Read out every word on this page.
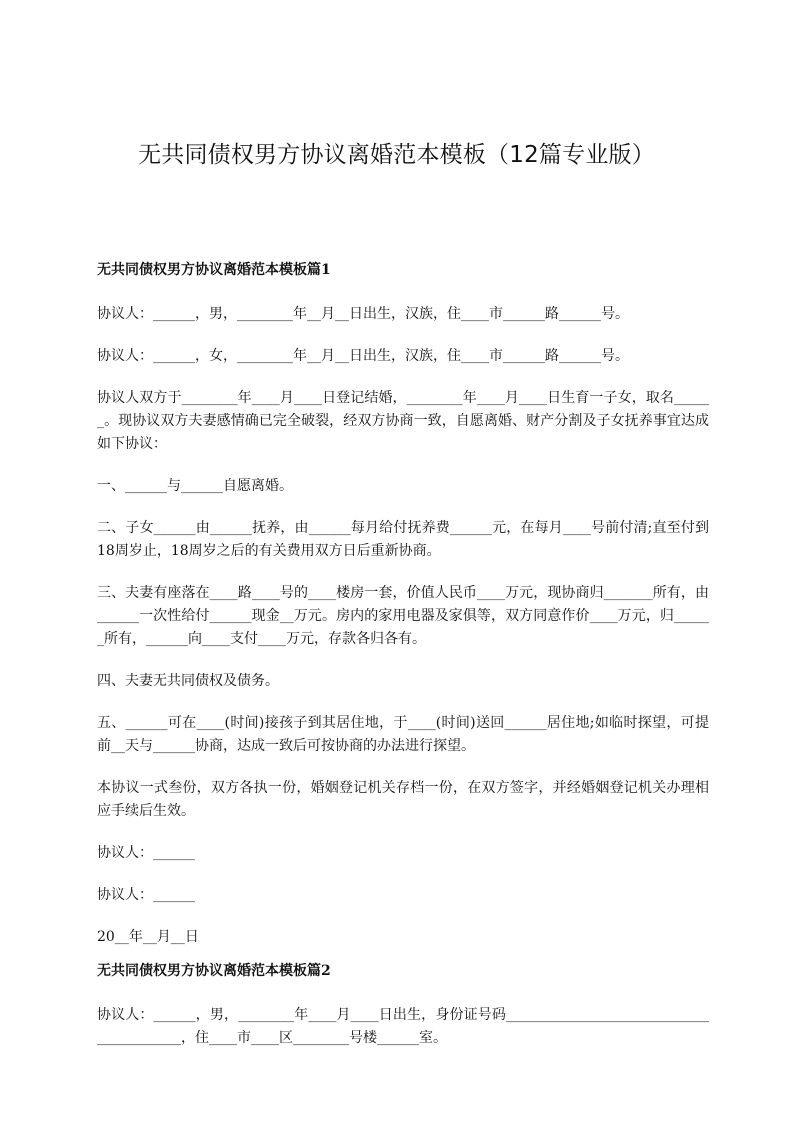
无共同债权男方协议离婚范本模板（12篇专业版）
无共同债权男方协议离婚范本模板篇1

协议人：______，男，________年__月__日出生，汉族，住____市______路______号。

协议人：______，女，________年__月__日出生，汉族，住____市______路______号。

协议人双方于________年____月____日登记结婚，________年____月____日生育一子女，取名______。现协议双方夫妻感情确已完全破裂，经双方协商一致，自愿离婚、财产分割及子女抚养事宜达成如下协议：

一、______与______自愿离婚。

二、子女______由______抚养，由______每月给付抚养费______元，在每月____号前付清;直至付到18周岁止，18周岁之后的有关费用双方日后重新协商。

三、夫妻有座落在____路____号的____楼房一套，价值人民币____万元，现协商归_______所有，由______一次性给付______现金__万元。房内的家用电器及家俱等，双方同意作价____万元，归______所有，______向____支付____万元，存款各归各有。

四、夫妻无共同债权及债务。

五、______可在____(时间)接孩子到其居住地，于____(时间)送回______居住地;如临时探望，可提前__天与______协商，达成一致后可按协商的办法进行探望。

本协议一式叁份，双方各执一份，婚姻登记机关存档一份，在双方签字，并经婚姻登记机关办理相应手续后生效。

协议人：______

协议人：______

20__年__月__日

无共同债权男方协议离婚范本模板篇2

协议人：______，男，________年____月____日出生，身份证号码_________________________________________，住____市____区________号楼______室。
